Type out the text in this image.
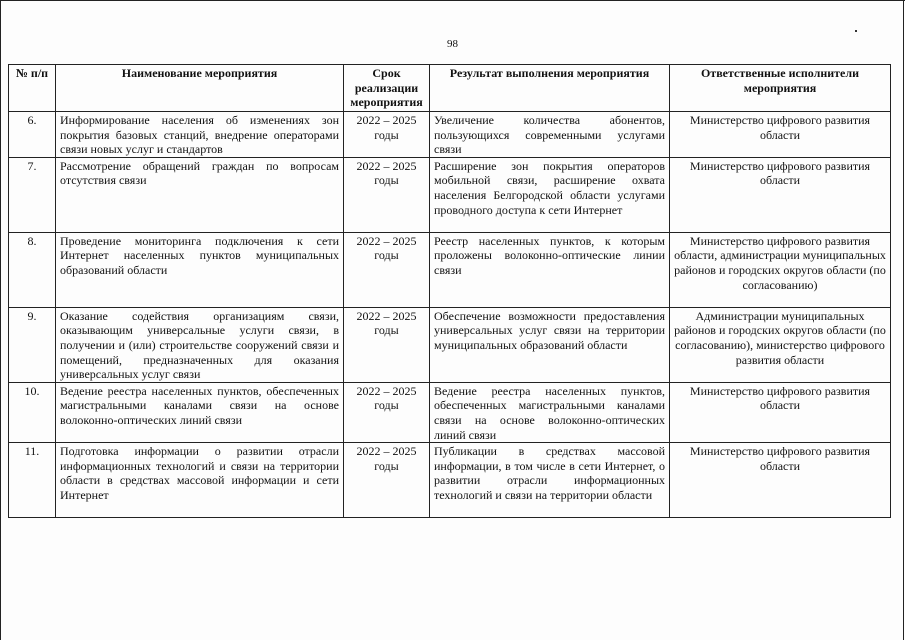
98
№ п/п	Наименование мероприятия	Срок реализации мероприятия	Результат выполнения мероприятия	Ответственные исполнители мероприятия
6.	Информирование населения об изменениях зон покрытия базовых станций, внедрение операторами связи новых услуг и стандартов	2022 – 2025 годы	Увеличение количества абонентов, пользующихся современными услугами связи	Министерство цифрового развития области
7.	Рассмотрение обращений граждан по вопросам отсутствия связи	2022 – 2025 годы	Расширение зон покрытия операторов мобильной связи, расширение охвата населения Белгородской области услугами проводного доступа к сети Интернет	Министерство цифрового развития области
8.	Проведение мониторинга подключения к сети Интернет населенных пунктов муниципальных образований области	2022 – 2025 годы	Реестр населенных пунктов, к которым проложены волоконно-оптические линии связи	Министерство цифрового развития области, администрации муниципальных районов и городских округов области (по согласованию)
9.	Оказание содействия организациям связи, оказывающим универсальные услуги связи, в получении и (или) строительстве сооружений связи и помещений, предназначенных для оказания универсальных услуг связи	2022 – 2025 годы	Обеспечение возможности предоставления универсальных услуг связи на территории муниципальных образований области	Администрации муниципальных районов и городских округов области (по согласованию), министерство цифрового развития области
10.	Ведение реестра населенных пунктов, обеспеченных магистральными каналами связи на основе волоконно-оптических линий связи	2022 – 2025 годы	Ведение реестра населенных пунктов, обеспеченных магистральными каналами связи на основе волоконно-оптических линий связи	Министерство цифрового развития области
11.	Подготовка информации о развитии отрасли информационных технологий и связи на территории области в средствах массовой информации и сети Интернет	2022 – 2025 годы	Публикации в средствах массовой информации, в том числе в сети Интернет, о развитии отрасли информационных технологий и связи на территории области	Министерство цифрового развития области
